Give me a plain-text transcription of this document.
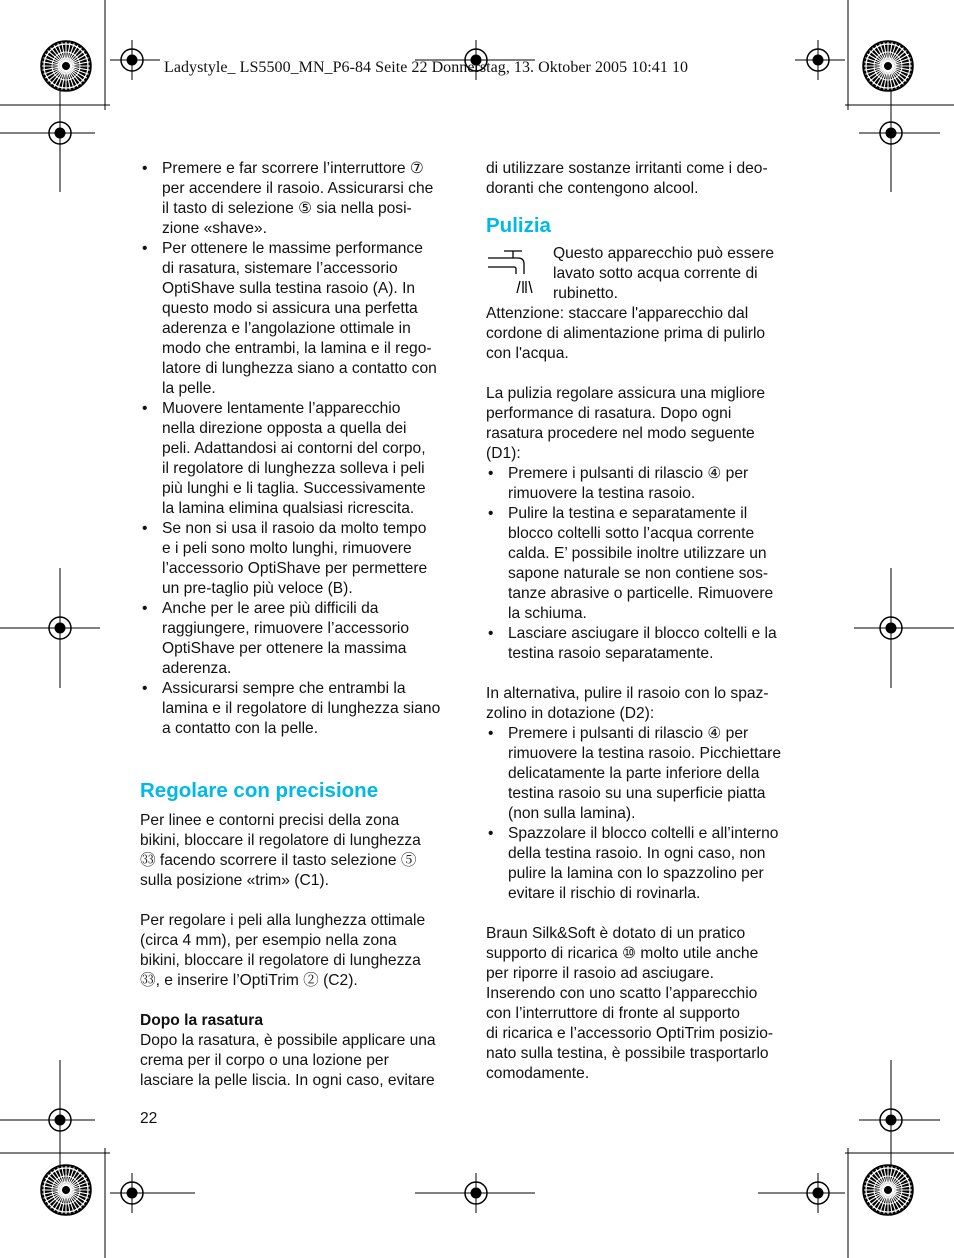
Ladystyle_ LS5500_MN_P6-84 Seite 22 Donnerstag, 13. Oktober 2005 10:41 10
• Premere e far scorrere l’interruttore ⑦
per accendere il rasoio. Assicurarsi che
il tasto di selezione ⑤ sia nella posi-
zione «shave».
• Per ottenere le massime performance
di rasatura, sistemare l’accessorio
OptiShave sulla testina rasoio (A). In
questo modo si assicura una perfetta
aderenza e l’angolazione ottimale in
modo che entrambi, la lamina e il rego-
latore di lunghezza siano a contatto con
la pelle.
• Muovere lentamente l’apparecchio
nella direzione opposta a quella dei
peli. Adattandosi ai contorni del corpo,
il regolatore di lunghezza solleva i peli
più lunghi e li taglia. Successivamente
la lamina elimina qualsiasi ricrescita.
• Se non si usa il rasoio da molto tempo
e i peli sono molto lunghi, rimuovere
l’accessorio OptiShave per permettere
un pre-taglio più veloce (B).
• Anche per le aree più difficili da
raggiungere, rimuovere l’accessorio
OptiShave per ottenere la massima
aderenza.
• Assicurarsi sempre che entrambi la
lamina e il regolatore di lunghezza siano
a contatto con la pelle.

Regolare con precisione

Per linee e contorni precisi della zona
bikini, bloccare il regolatore di lunghezza
㉝ facendo scorrere il tasto selezione ⑤
sulla posizione «trim» (C1).

Per regolare i peli alla lunghezza ottimale
(circa 4 mm), per esempio nella zona
bikini, bloccare il regolatore di lunghezza
㉝, e inserire l’OptiTrim ② (C2).

Dopo la rasatura

Dopo la rasatura, è possibile applicare una
crema per il corpo o una lozione per
lasciare la pelle liscia. In ogni caso, evitare

di utilizzare sostanze irritanti come i deo-
doranti che contengono alcool.

Pulizia

Questo apparecchio può essere
lavato sotto acqua corrente di
rubinetto.

Attenzione: staccare l'apparecchio dal
cordone di alimentazione prima di pulirlo
con l'acqua.

La pulizia regolare assicura una migliore
performance di rasatura. Dopo ogni
rasatura procedere nel modo seguente
(D1):

• Premere i pulsanti di rilascio ④ per
rimuovere la testina rasoio.
• Pulire la testina e separatamente il
blocco coltelli sotto l’acqua corrente
calda. E’ possibile inoltre utilizzare un
sapone naturale se non contiene sos-
tanze abrasive o particelle. Rimuovere
la schiuma.
• Lasciare asciugare il blocco coltelli e la
testina rasoio separatamente.

In alternativa, pulire il rasoio con lo spaz-
zolino in dotazione (D2):

• Premere i pulsanti di rilascio ④ per
rimuovere la testina rasoio. Picchiettare
delicatamente la parte inferiore della
testina rasoio su una superficie piatta
(non sulla lamina).
• Spazzolare il blocco coltelli e all’interno
della testina rasoio. In ogni caso, non
pulire la lamina con lo spazzolino per
evitare il rischio di rovinarla.

Braun Silk&Soft è dotato di un pratico
supporto di ricarica ⑩ molto utile anche
per riporre il rasoio ad asciugare.
Inserendo con uno scatto l’apparecchio
con l’interruttore di fronte al supporto
di ricarica e l’accessorio OptiTrim posizio-
nato sulla testina, è possibile trasportarlo
comodamente.

22
